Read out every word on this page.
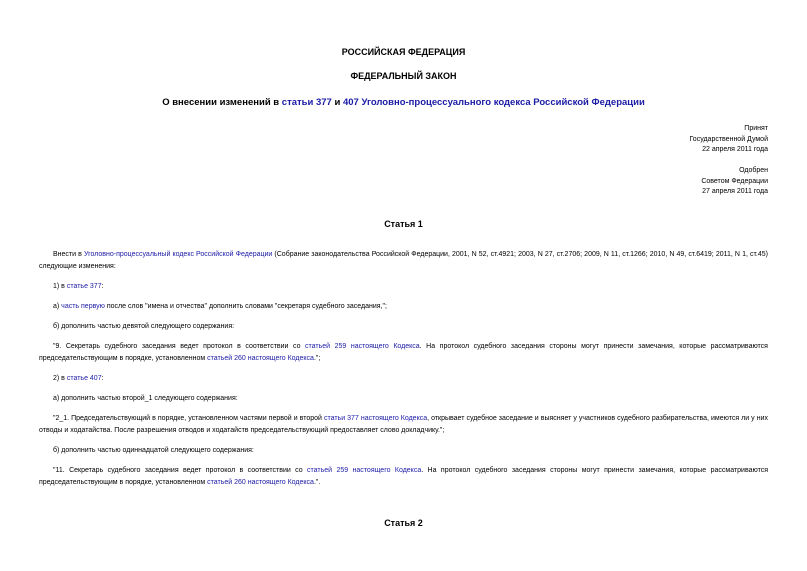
РОССИЙСКАЯ ФЕДЕРАЦИЯ
ФЕДЕРАЛЬНЫЙ ЗАКОН
О внесении изменений в статьи 377 и 407 Уголовно-процессуального кодекса Российской Федерации
Принят
Государственной Думой
22 апреля 2011 года
Одобрен
Советом Федерации
27 апреля 2011 года
Статья 1
Внести в Уголовно-процессуальный кодекс Российской Федерации (Собрание законодательства Российской Федерации, 2001, N 52, ст.4921; 2003, N 27, ст.2706; 2009, N 11, ст.1266; 2010, N 49, ст.6419; 2011, N 1, ст.45) следующие изменения:
1) в статье 377:
а) часть первую после слов "имена и отчества" дополнить словами "секретаря судебного заседания,";
б) дополнить частью девятой следующего содержания:
"9. Секретарь судебного заседания ведет протокол в соответствии со статьей 259 настоящего Кодекса. На протокол судебного заседания стороны могут принести замечания, которые рассматриваются председательствующим в порядке, установленном статьей 260 настоящего Кодекса.";
2) в статье 407:
а) дополнить частью второй_1 следующего содержания:
"2_1. Председательствующий в порядке, установленном частями первой и второй статьи 377 настоящего Кодекса, открывает судебное заседание и выясняет у участников судебного разбирательства, имеются ли у них отводы и ходатайства. После разрешения отводов и ходатайств председательствующий предоставляет слово докладчику.";
б) дополнить частью одиннадцатой следующего содержания:
"11. Секретарь судебного заседания ведет протокол в соответствии со статьей 259 настоящего Кодекса. На протокол судебного заседания стороны могут принести замечания, которые рассматриваются председательствующим в порядке, установленном статьей 260 настоящего Кодекса.".
Статья 2
